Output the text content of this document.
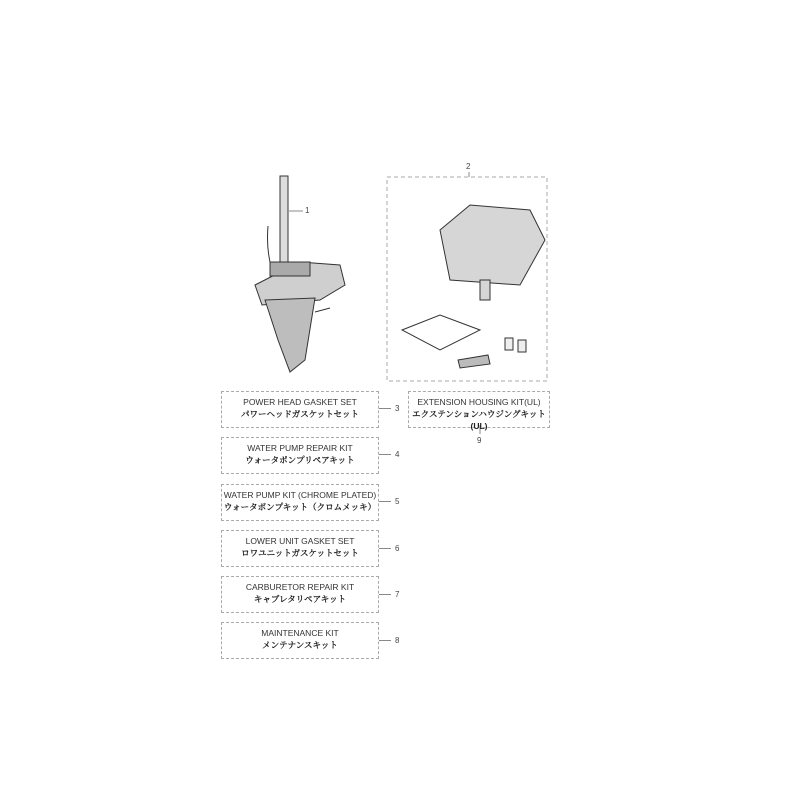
1
2
POWER HEAD GASKET SET
パワーヘッドガスケットセット
3
WATER PUMP REPAIR KIT
ウォータポンプリペアキット
4
WATER PUMP KIT (CHROME PLATED)
ウォータポンプキット（クロムメッキ）
5
LOWER UNIT GASKET SET
ロワユニットガスケットセット	6
CARBURETOR REPAIR KIT
キャブレタリペアキット	7
MAINTENANCE KIT
メンテナンスキット	8
EXTENSION HOUSING KIT(UL)
エクステンションハウジングキット(UL)
9
